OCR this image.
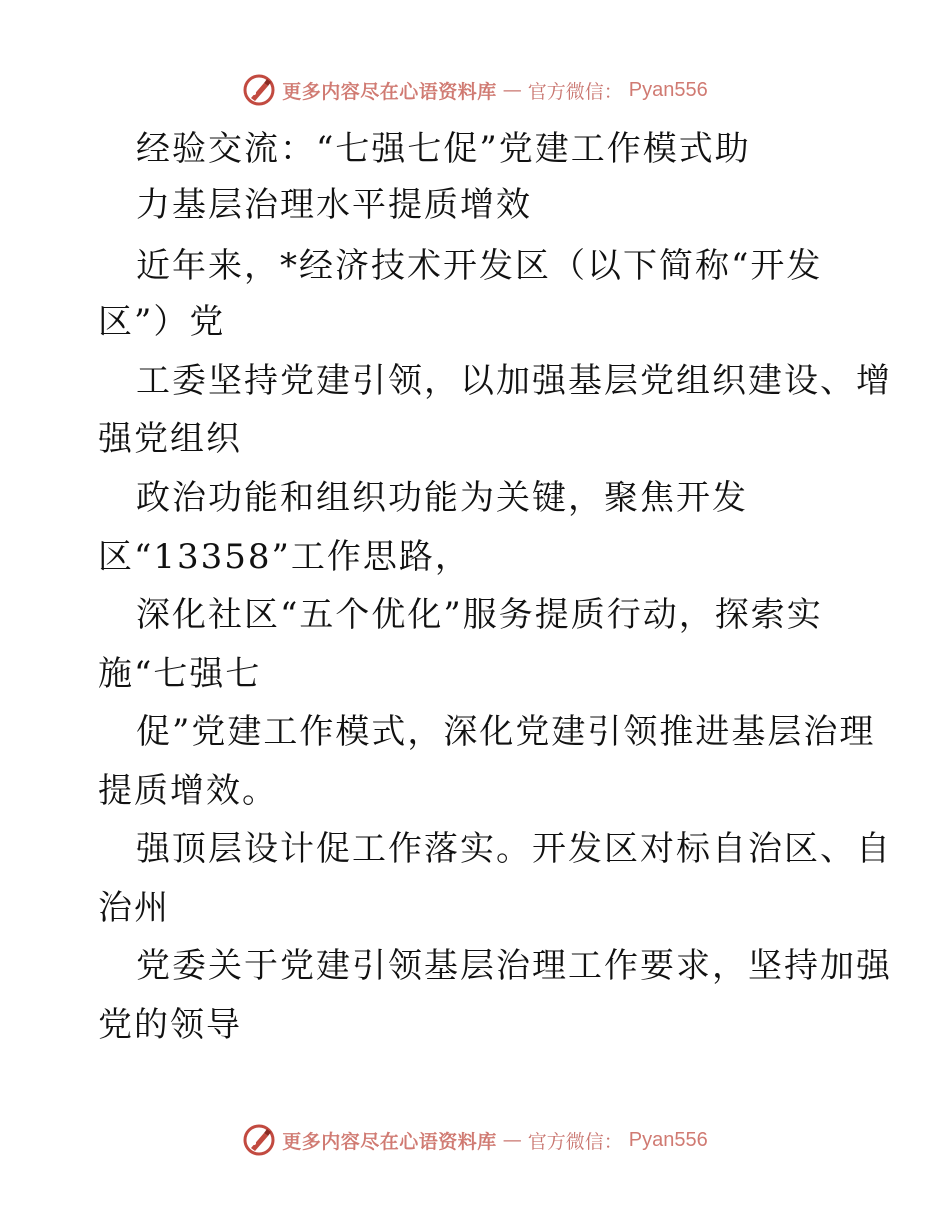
更多内容尽在心语资料库 — 官方微信： Pyan556
经验交流：“七强七促”党建工作模式助
力基层治理水平提质增效
近年来，*经济技术开发区（以下简称“开发
区”）党
工委坚持党建引领，以加强基层党组织建设、增
强党组织
政治功能和组织功能为关键，聚焦开发
区“13358”工作思路，
深化社区“五个优化”服务提质行动，探索实
施“七强七
促”党建工作模式，深化党建引领推进基层治理
提质增效。
强顶层设计促工作落实。开发区对标自治区、自
治州
党委关于党建引领基层治理工作要求，坚持加强
党的领导
更多内容尽在心语资料库 — 官方微信： Pyan556
